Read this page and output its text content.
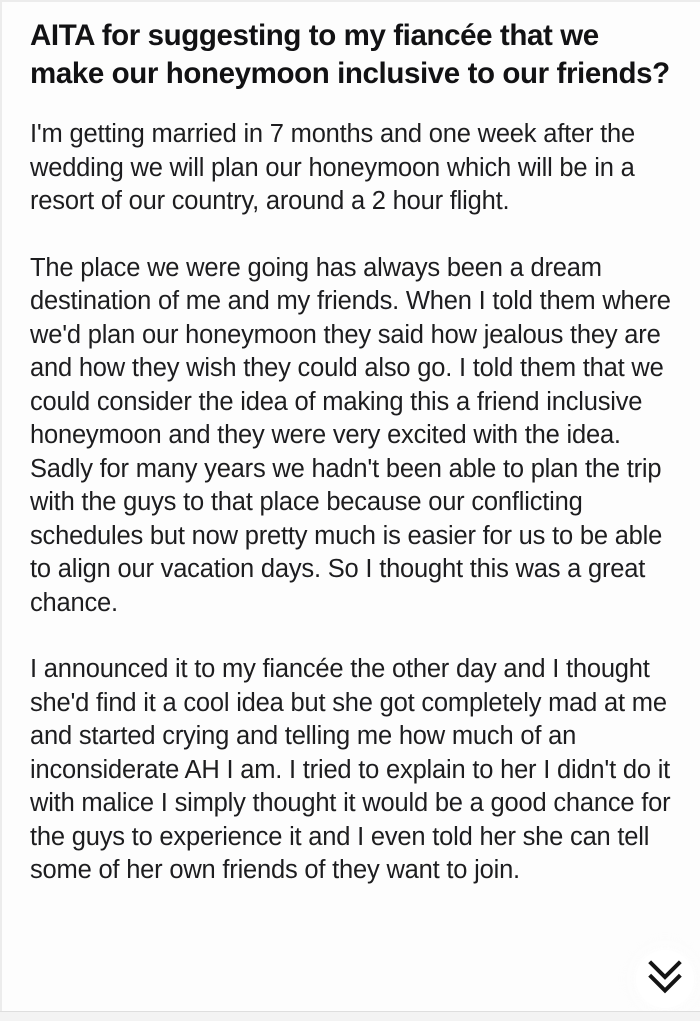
AITA for suggesting to my fiancée that we make our honeymoon inclusive to our friends?

I'm getting married in 7 months and one week after the wedding we will plan our honeymoon which will be in a resort of our country, around a 2 hour flight.

The place we were going has always been a dream destination of me and my friends. When I told them where we'd plan our honeymoon they said how jealous they are and how they wish they could also go. I told them that we could consider the idea of making this a friend inclusive honeymoon and they were very excited with the idea. Sadly for many years we hadn't been able to plan the trip with the guys to that place because our conflicting schedules but now pretty much is easier for us to be able to align our vacation days. So I thought this was a great chance.

I announced it to my fiancée the other day and I thought she'd find it a cool idea but she got completely mad at me and started crying and telling me how much of an inconsiderate AH I am. I tried to explain to her I didn't do it with malice I simply thought it would be a good chance for the guys to experience it and I even told her she can tell some of her own friends of they want to join.
